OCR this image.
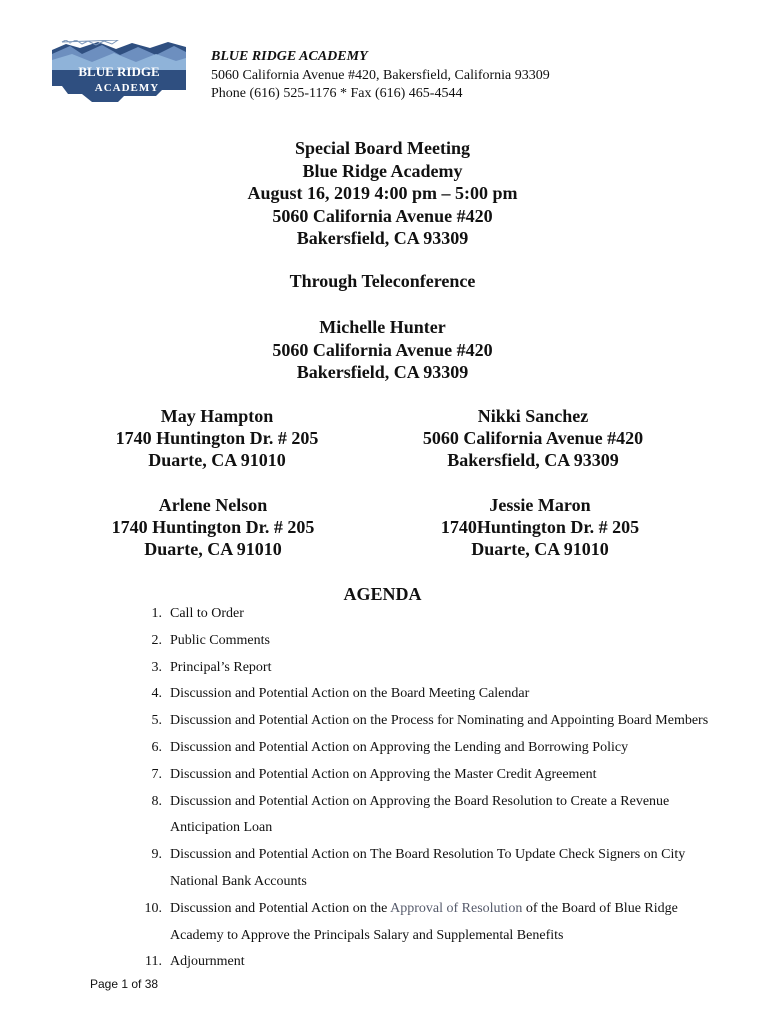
BLUE RIDGE
ACADEMY
BLUE RIDGE ACADEMY
5060 California Avenue #420, Bakersfield, California 93309
Phone (616) 525-1176 * Fax (616) 465-4544
Special Board Meeting
Blue Ridge Academy
August 16, 2019 4:00 pm – 5:00 pm
5060 California Avenue #420
Bakersfield, CA 93309
Through Teleconference
Michelle Hunter
5060 California Avenue #420
Bakersfield, CA 93309
May Hampton
1740 Huntington Dr. # 205
Duarte, CA 91010
Nikki Sanchez
5060 California Avenue #420
Bakersfield, CA 93309
Arlene Nelson
1740 Huntington Dr. # 205
Duarte, CA 91010
Jessie Maron
1740Huntington Dr. # 205
Duarte, CA 91010
AGENDA
1. Call to Order
2. Public Comments
3. Principal’s Report
4. Discussion and Potential Action on the Board Meeting Calendar
5. Discussion and Potential Action on the Process for Nominating and Appointing Board Members
6. Discussion and Potential Action on Approving the Lending and Borrowing Policy
7. Discussion and Potential Action on Approving the Master Credit Agreement
8. Discussion and Potential Action on Approving the Board Resolution to Create a Revenue Anticipation Loan
9. Discussion and Potential Action on The Board Resolution To Update Check Signers on City National Bank Accounts
10. Discussion and Potential Action on the Approval of Resolution of the Board of Blue Ridge Academy to Approve the Principals Salary and Supplemental Benefits
11. Adjournment
Page 1 of 38
